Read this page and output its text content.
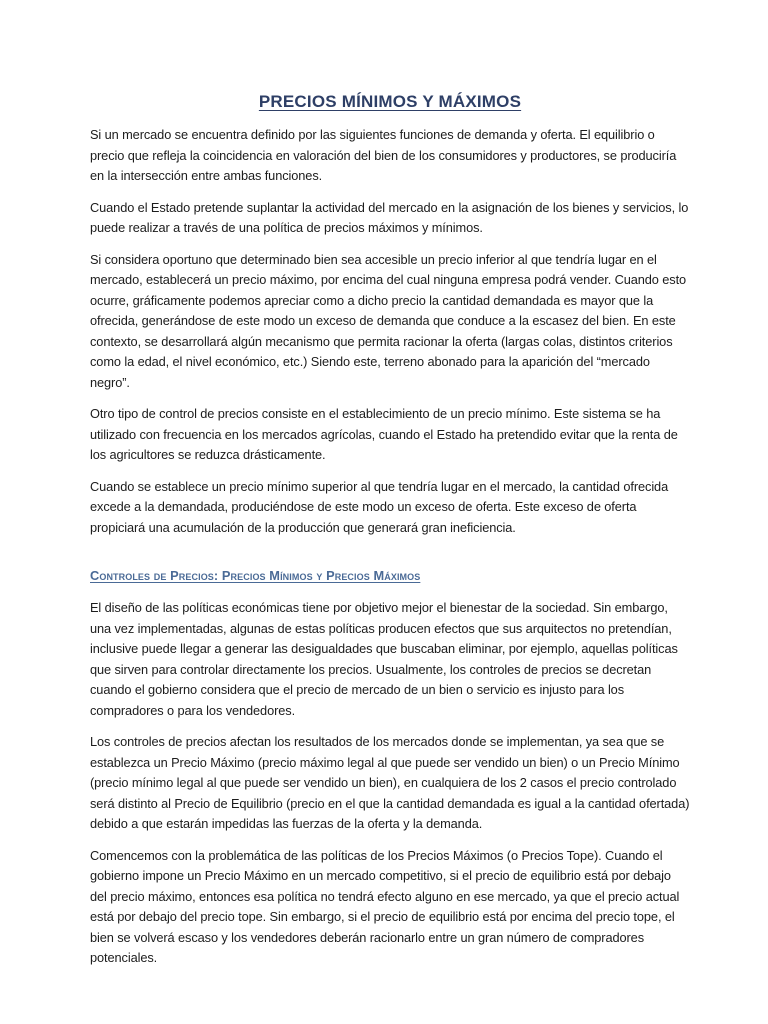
PRECIOS MÍNIMOS Y MÁXIMOS

Si un mercado se encuentra definido por las siguientes funciones de demanda y oferta. El equilibrio o precio que refleja la coincidencia en valoración del bien de los consumidores y productores, se produciría en la intersección entre ambas funciones.

Cuando el Estado pretende suplantar la actividad del mercado en la asignación de los bienes y servicios, lo puede realizar a través de una política de precios máximos y mínimos.

Si considera oportuno que determinado bien sea accesible un precio inferior al que tendría lugar en el mercado, establecerá un precio máximo, por encima del cual ninguna empresa podrá vender. Cuando esto ocurre, gráficamente podemos apreciar como a dicho precio la cantidad demandada es mayor que la ofrecida, generándose de este modo un exceso de demanda que conduce a la escasez del bien. En este contexto, se desarrollará algún mecanismo que permita racionar la oferta (largas colas, distintos criterios como la edad, el nivel económico, etc.) Siendo este, terreno abonado para la aparición del “mercado negro”.

Otro tipo de control de precios consiste en el establecimiento de un precio mínimo. Este sistema se ha utilizado con frecuencia en los mercados agrícolas, cuando el Estado ha pretendido evitar que la renta de los agricultores se reduzca drásticamente.

Cuando se establece un precio mínimo superior al que tendría lugar en el mercado, la cantidad ofrecida excede a la demandada, produciéndose de este modo un exceso de oferta. Este exceso de oferta propiciará una acumulación de la producción que generará gran ineficiencia.

Controles de Precios: Precios Mínimos y Precios Máximos

El diseño de las políticas económicas tiene por objetivo mejor el bienestar de la sociedad. Sin embargo, una vez implementadas, algunas de estas políticas producen efectos que sus arquitectos no pretendían, inclusive puede llegar a generar las desigualdades que buscaban eliminar, por ejemplo, aquellas políticas que sirven para controlar directamente los precios. Usualmente, los controles de precios se decretan cuando el gobierno considera que el precio de mercado de un bien o servicio es injusto para los compradores o para los vendedores.

Los controles de precios afectan los resultados de los mercados donde se implementan, ya sea que se establezca un Precio Máximo (precio máximo legal al que puede ser vendido un bien) o un Precio Mínimo (precio mínimo legal al que puede ser vendido un bien), en cualquiera de los 2 casos el precio controlado será distinto al Precio de Equilibrio (precio en el que la cantidad demandada es igual a la cantidad ofertada) debido a que estarán impedidas las fuerzas de la oferta y la demanda.

Comencemos con la problemática de las políticas de los Precios Máximos (o Precios Tope). Cuando el gobierno impone un Precio Máximo en un mercado competitivo, si el precio de equilibrio está por debajo del precio máximo, entonces esa política no tendrá efecto alguno en ese mercado, ya que el precio actual está por debajo del precio tope. Sin embargo, si el precio de equilibrio está por encima del precio tope, el bien se volverá escaso y los vendedores deberán racionarlo entre un gran número de compradores potenciales.
